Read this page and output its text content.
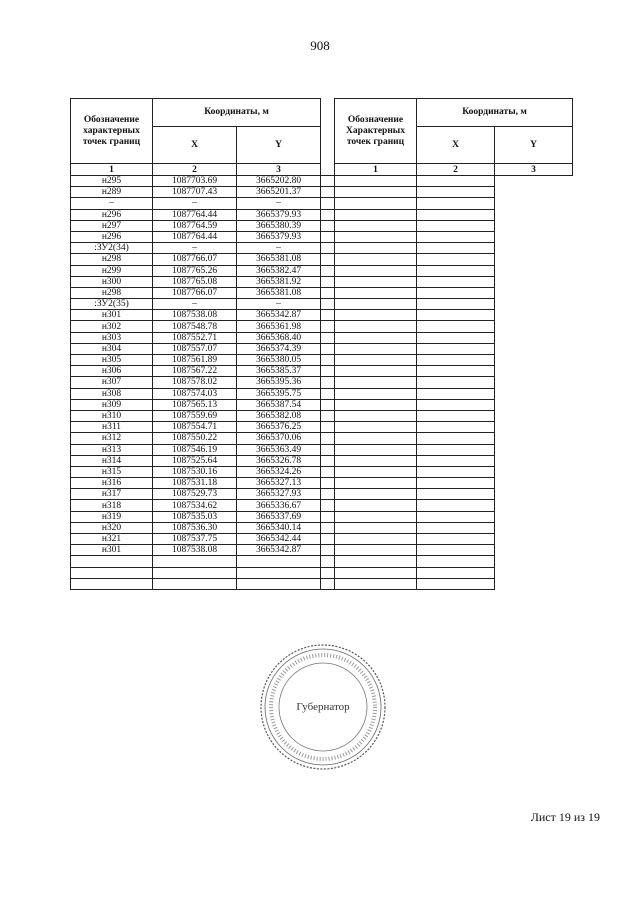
908
Обозначение характерных точек границ	Координаты, м			Обозначение Характерных точек границ	Координаты, м	
	X	Y			X	Y
1	2	3		1	2	3
н295	1087703.69	3665202.80				
н289	1087707.43	3665201.37				
–	–	–				
н296	1087764.44	3665379.93				
н297	1087764.59	3665380.39				
н296	1087764.44	3665379.93				
:ЗУ2(34)	–	–				
н298	1087766.07	3665381.08				
н299	1087765.26	3665382.47				
н300	1087765.08	3665381.92				
н298	1087766.07	3665381.08				
:ЗУ2(35)	–	–				
н301	1087538.08	3665342.87				
н302	1087548.78	3665361.98				
н303	1087552.71	3665368.40				
н304	1087557.07	3665374.39				
н305	1087561.89	3665380.05				
н306	1087567.22	3665385.37				
н307	1087578.02	3665395.36				
н308	1087574.03	3665395.75				
н309	1087565.13	3665387.54				
н310	1087559.69	3665382.08				
н311	1087554.71	3665376.25				
н312	1087550.22	3665370.06				
н313	1087546.19	3665363.49				
н314	1087525.64	3665326.78				
н315	1087530.16	3665324.26				
н316	1087531.18	3665327.13				
н317	1087529.73	3665327.93				
н318	1087534.62	3665336.67				
н319	1087535.03	3665337.69				
н320	1087536.30	3665340.14				
н321	1087537.75	3665342.44				
н301	1087538.08	3665342.87				

Губернатор
Лист 19 из 19
